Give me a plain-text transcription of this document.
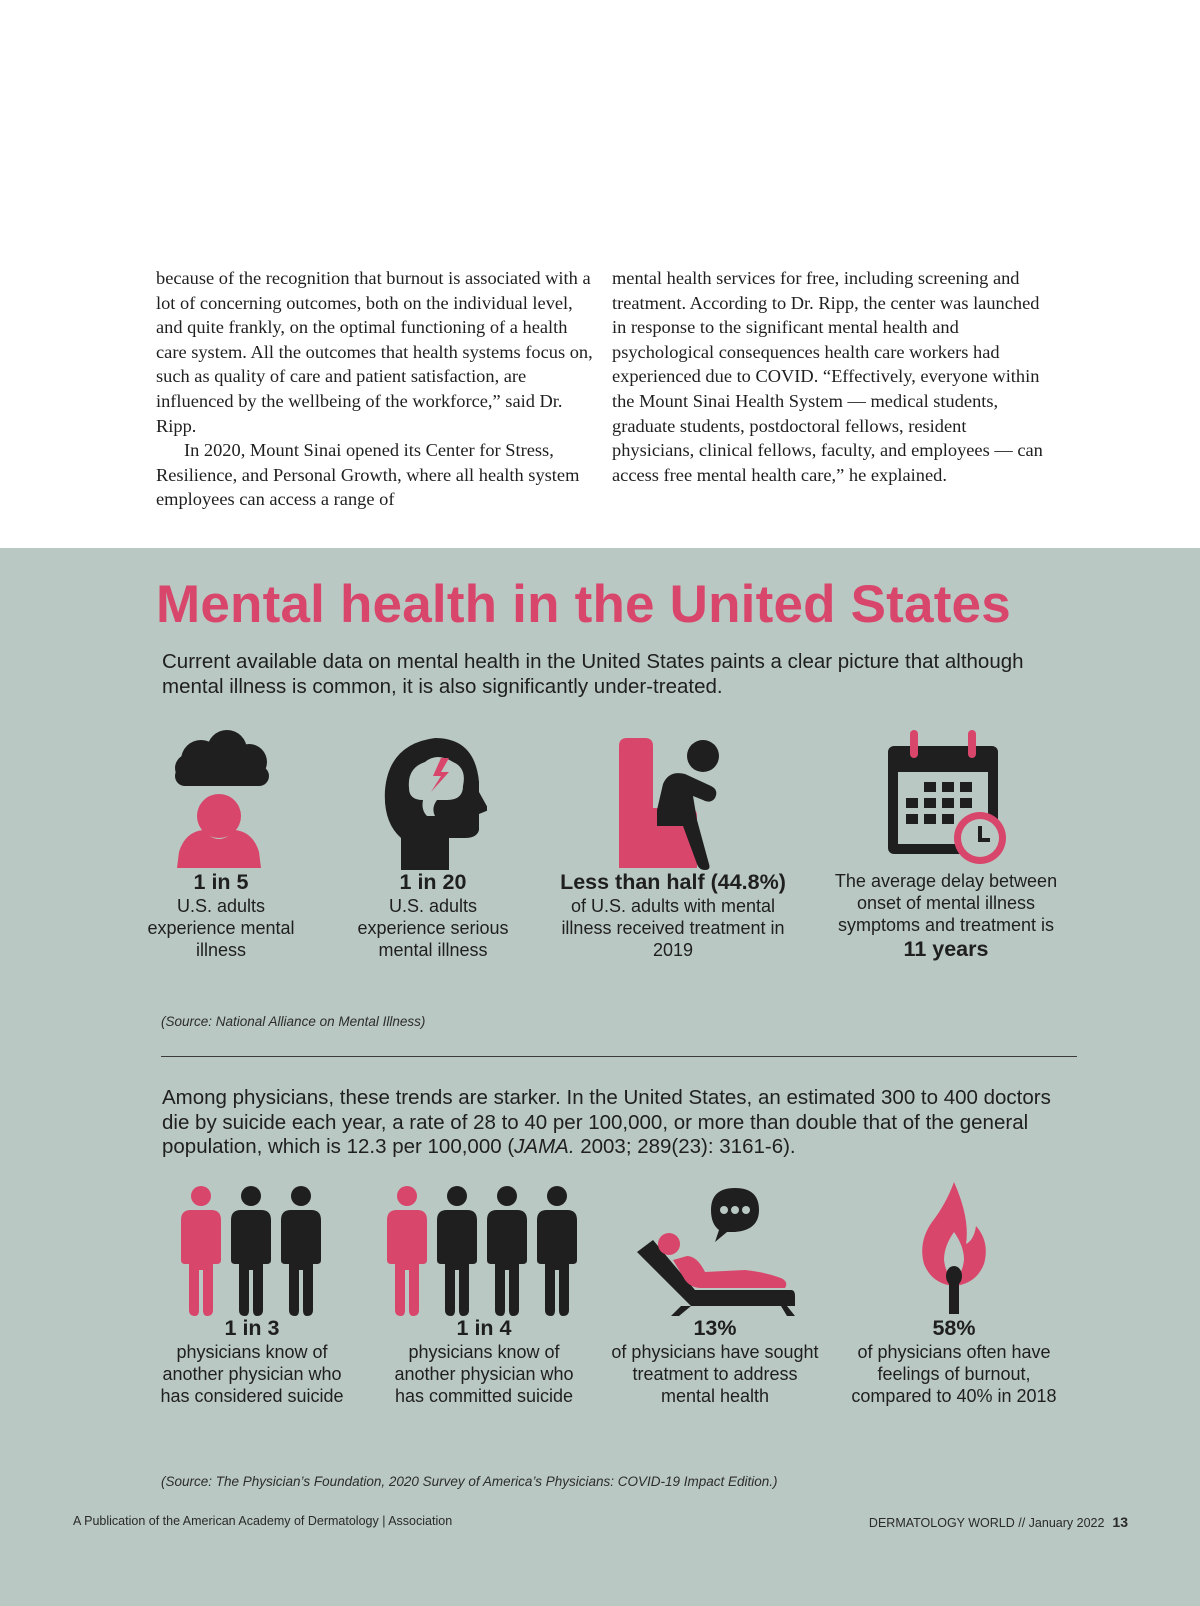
because of the recognition that burnout is associated with a lot of concerning outcomes, both on the individual level, and quite frankly, on the optimal functioning of a health care system. All the outcomes that health systems focus on, such as quality of care and patient satisfaction, are influenced by the wellbeing of the workforce,” said Dr. Ripp.

In 2020, Mount Sinai opened its Center for Stress, Resilience, and Personal Growth, where all health system employees can access a range of

mental health services for free, including screening and treatment. According to Dr. Ripp, the center was launched in response to the significant mental health and psychological consequences health care workers had experienced due to COVID. “Effectively, everyone within the Mount Sinai Health System — medical students, graduate students, postdoctoral fellows, resident physicians, clinical fellows, faculty, and employees — can access free mental health care,” he explained.

Mental health in the United States

Current available data on mental health in the United States paints a clear picture that although mental illness is common, it is also significantly under-treated.

1 in 5

U.S. adults experience mental illness

1 in 20

U.S. adults experience serious mental illness

Less than half (44.8%)

of U.S. adults with mental illness received treatment in 2019

The average delay between onset of mental illness symptoms and treatment is

11 years

(Source: National Alliance on Mental Illness)

Among physicians, these trends are starker. In the United States, an estimated 300 to 400 doctors die by suicide each year, a rate of 28 to 40 per 100,000, or more than double that of the general population, which is 12.3 per 100,000 (JAMA. 2003; 289(23): 3161-6).

1 in 3

physicians know of another physician who has considered suicide

1 in 4

physicians know of another physician who has committed suicide

13%

of physicians have sought treatment to address mental health

58%

of physicians often have feelings of burnout, compared to 40% in 2018

(Source: The Physician’s Foundation, 2020 Survey of America’s Physicians: COVID-19 Impact Edition.)

A Publication of the American Academy of Dermatology | Association	DERMATOLOGY WORLD // January 2022 13
